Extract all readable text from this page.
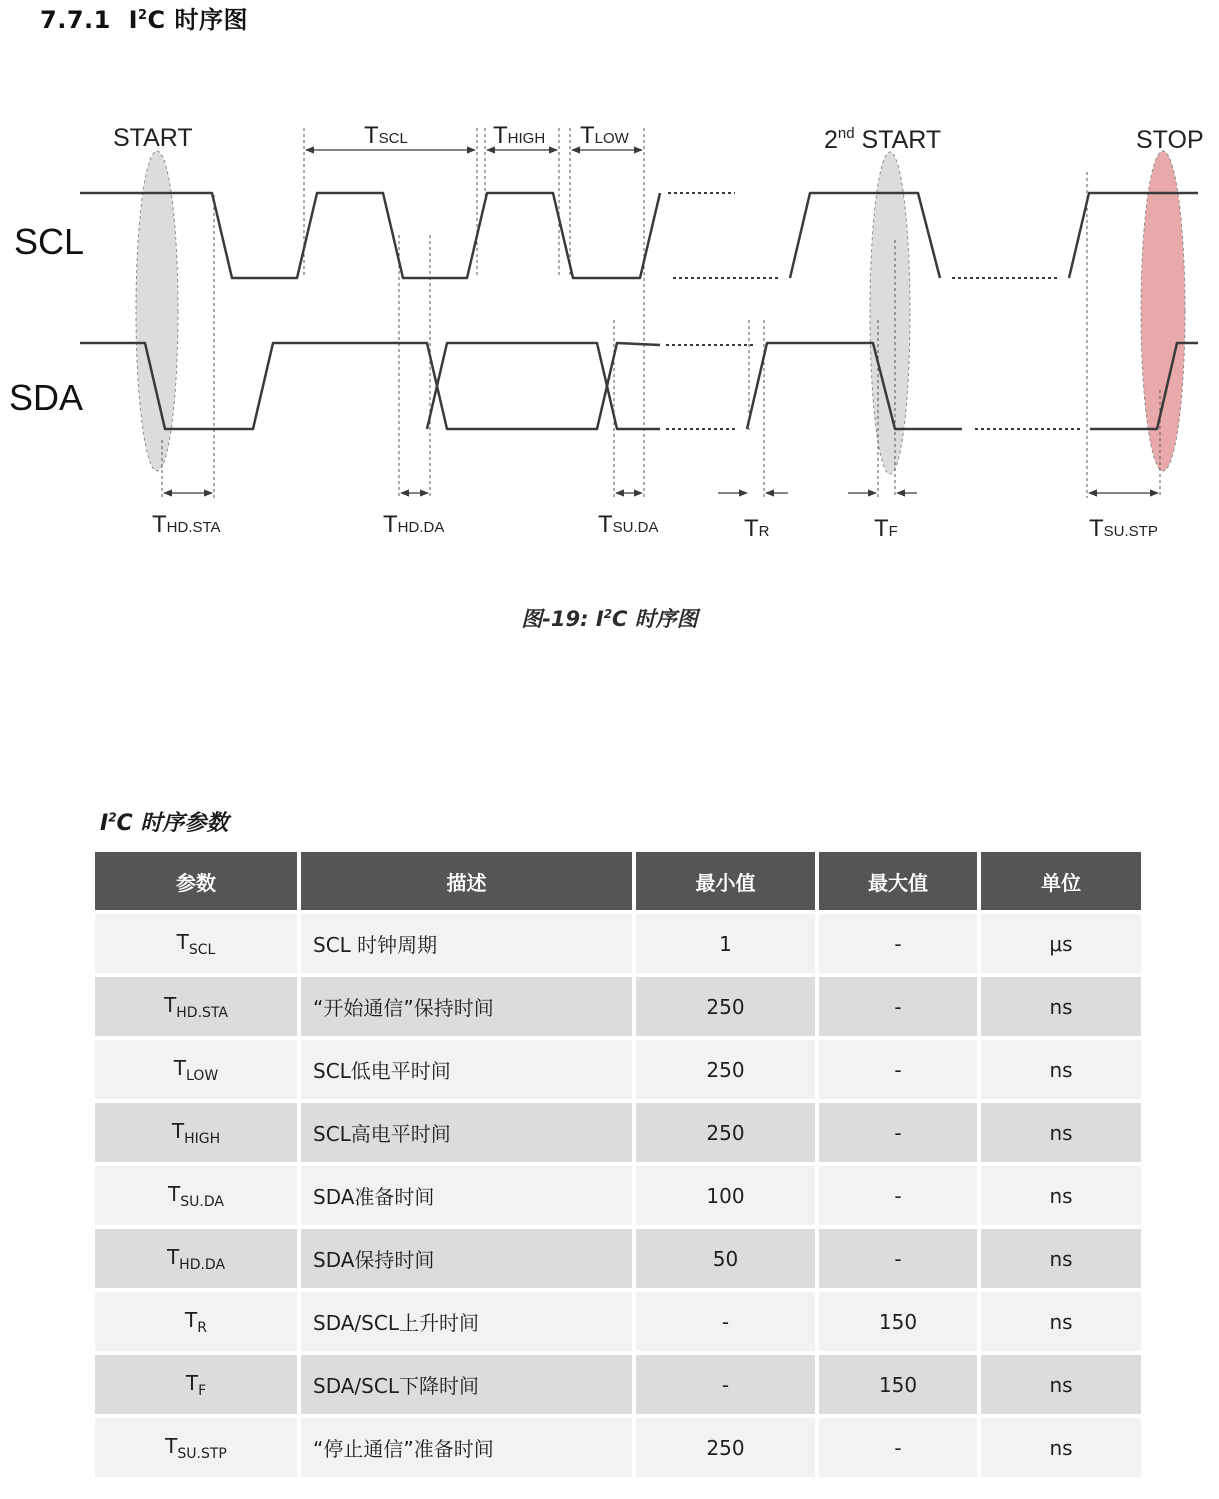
7.7.1 $I^2C$ 时序图
SCL
SDA
START	2nd START	STOP
TSCL	THIGH TLOW
THD.STA	THD.DA	TSU.DA	TR	TF	TSU.STP
图-19: $I^2C$ 时序图
$I^2C$ 时序参数
参数	描述	最小值	最大值	单位
$T_{SCL}$	SCL 时钟周期	1	-	μs
$T_{HD.STA}$	“开始通信”保持时间	250	-	ns
$T_{LOW}$	SCL低电平时间	250	-	ns
$T_{HIGH}$	SCL高电平时间	250	-	ns
$T_{SU.DA}$	SDA准备时间	100	-	ns
$T_{HD.DA}$	SDA保持时间	50	-	ns
$T_R$	SDA/SCL上升时间	-	150	ns
$T_F$	SDA/SCL下降时间	-	150	ns
$T_{SU.STP}$	“停止通信”准备时间	250	-	ns
